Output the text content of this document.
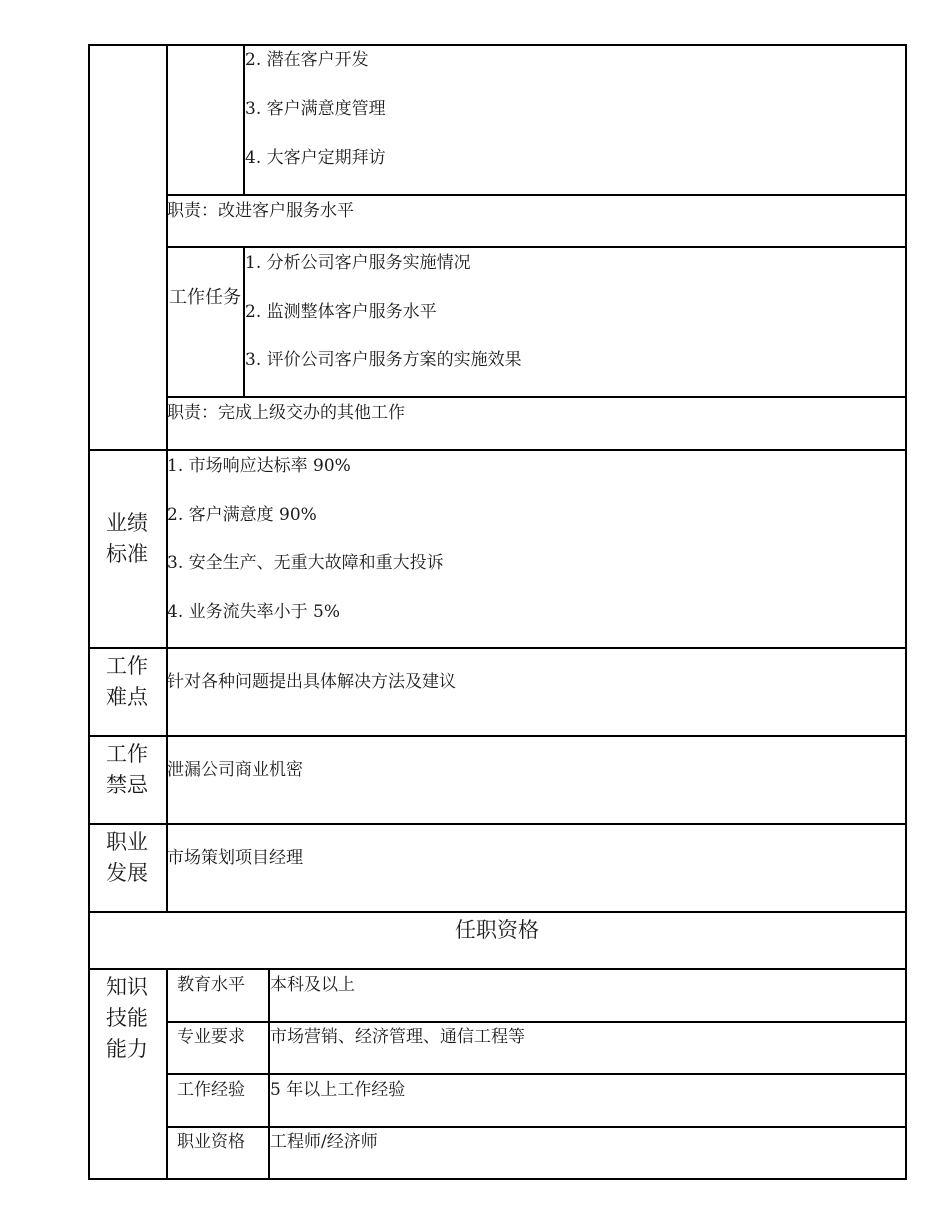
2. 潜在客户开发
3. 客户满意度管理
4. 大客户定期拜访
职责：改进客户服务水平
工作任务
1. 分析公司客户服务实施情况
2. 监测整体客户服务水平
3. 评价公司客户服务方案的实施效果
职责：完成上级交办的其他工作
业绩标准
1. 市场响应达标率 90%
2. 客户满意度 90%
3. 安全生产、无重大故障和重大投诉
4. 业务流失率小于 5%
工作难点
针对各种问题提出具体解决方法及建议
工作禁忌
泄漏公司商业机密
职业发展
市场策划项目经理
任职资格
知识技能能力
教育水平 本科及以上
专业要求 市场营销、经济管理、通信工程等
工作经验 5 年以上工作经验
职业资格 工程师/经济师
